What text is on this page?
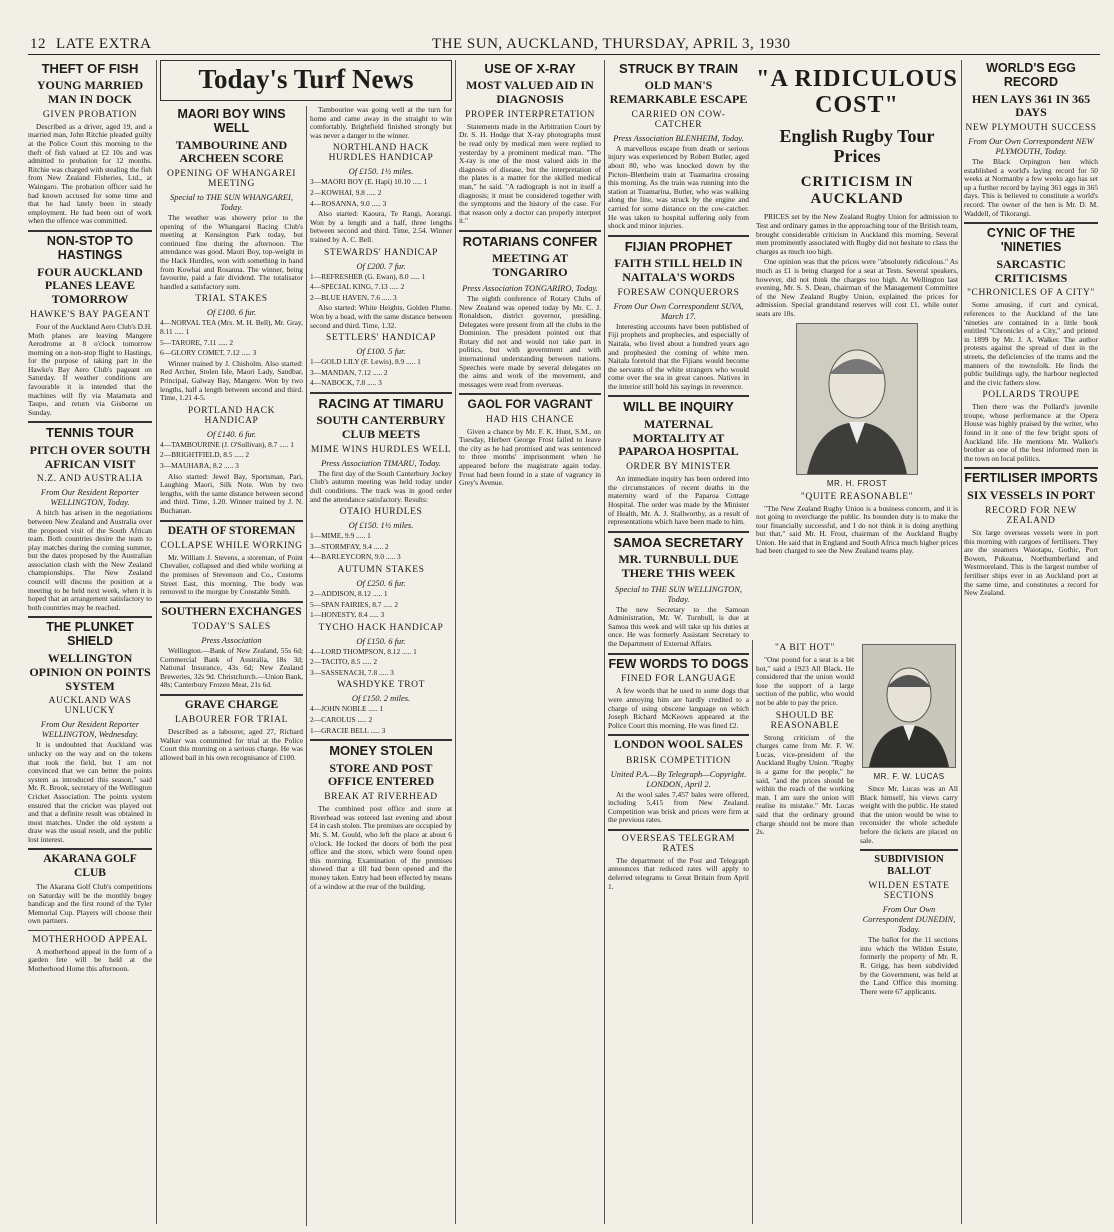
12 LATE EXTRA	THE SUN, AUCKLAND, THURSDAY, APRIL 3, 1930
THEFT OF FISH
YOUNG MARRIED MAN IN DOCK
GIVEN PROBATION

Described as a driver, aged 19, and a married man, John Ritchie pleaded guilty at the Police Court this morning to the theft of fish valued at £2 10s and was admitted to probation for 12 months. Ritchie was charged with stealing the fish from New Zealand Fisheries, Ltd., at Waingaro. The probation officer said he had known accused for some time and that he had lately been in steady employment. He had been out of work when the offence was committed.

NON-STOP TO HASTINGS
FOUR AUCKLAND PLANES LEAVE TOMORROW
HAWKE'S BAY PAGEANT

Four of the Auckland Aero Club's D.H. Moth planes are leaving Mangere Aerodrome at 8 o'clock tomorrow morning on a non-stop flight to Hastings, for the purpose of taking part in the Hawke's Bay Aero Club's pageant on Saturday. If weather conditions are favourable it is intended that the machines will fly via Matamata and Taupo, and return via Gisborne on Sunday.

TENNIS TOUR
PITCH OVER SOUTH AFRICAN VISIT
N.Z. AND AUSTRALIA
From Our Resident Reporter WELLINGTON, Today.

A hitch has arisen in the negotiations between New Zealand and Australia over the proposed visit of the South African team. Both countries desire the team to play matches during the coming summer, but the dates proposed by the Australian association clash with the New Zealand championships. The New Zealand council will discuss the position at a meeting to be held next week, when it is hoped that an arrangement satisfactory to both countries may be reached.

THE PLUNKET SHIELD
WELLINGTON OPINION ON POINTS SYSTEM
AUCKLAND WAS UNLUCKY
From Our Resident Reporter WELLINGTON, Wednesday.

It is undoubted that Auckland was unlucky on the way and on the tokens that took the field, but I am not convinced that we can better the points system as introduced this season," said Mr. R. Brook, secretary of the Wellington Cricket Association. The points system ensured that the cricket was played out and that a definite result was obtained in most matches. Under the old system a draw was the usual result, and the public lost interest.

AKARANA GOLF CLUB

The Akarana Golf Club's competitions on Saturday will be the monthly bogey handicap and the first round of the Tyler Memorial Cup. Players will choose their own partners.

MOTHERHOOD APPEAL

A motherhood appeal in the form of a garden fete will be held at the Motherhood Home this afternoon.

Today's Turf News
MAORI BOY WINS WELL
TAMBOURINE AND ARCHEEN SCORE
OPENING OF WHANGAREI MEETING
Special to THE SUN WHANGAREI, Today.

The weather was showery prior to the opening of the Whangarei Racing Club's meeting at Kensington Park today, but continued fine during the afternoon. The attendance was good. Maori Boy, top-weight in the Hack Hurdles, won with something in hand from Kowhai and Rosanna. The winner, being favourite, paid a fair dividend. The totalisator handled a satisfactory sum.

TRIAL STAKES
Of £100. 6 fur.

4—NORVAL TEA (Mrs. M. H. Bell), Mr. Gray, 8.11 ..... 1

5—TARORE, 7.11 ..... 2

6—GLORY COMET, 7.12 ..... 3

Winner trained by J. Chisholm. Also started: Red Archer, Stolen Isle, Maori Lady, Sandbar, Principal, Galway Bay, Mangere. Won by two lengths, half a length between second and third. Time, 1.21 4-5.

PORTLAND HACK HANDICAP
Of £140. 6 fur.

4—TAMBOURINE (J. O'Sullivan), 8.7 ..... 1

2—BRIGHTFIELD, 8.5 ..... 2

3—MAUHARA, 8.2 ..... 3

Also started: Jewel Bay, Sportsman, Pari, Laughing Maori, Silk Note. Won by two lengths, with the same distance between second and third. Time, 1.20. Winner trained by J. N. Buchanan.

DEATH OF STOREMAN
COLLAPSE WHILE WORKING

Mr. William J. Stevens, a storeman, of Point Chevalier, collapsed and died while working at the premises of Stevenson and Co., Customs Street East, this morning. The body was removed to the morgue by Constable Smith.

SOUTHERN EXCHANGES
TODAY'S SALES
Press Association

Wellington.—Bank of New Zealand, 55s 6d; Commercial Bank of Australia, 18s 3d; National Insurance, 43s 6d; New Zealand Breweries, 32s 9d. Christchurch.—Union Bank, 48s; Canterbury Frozen Meat, 21s 6d.

GRAVE CHARGE
LABOURER FOR TRIAL

Described as a labourer, aged 27, Richard Walker was committed for trial at the Police Court this morning on a serious charge. He was allowed bail in his own recognisance of £100.

Tambourine was going well at the turn for home and came away in the straight to win comfortably. Brightfield finished strongly but was never a danger to the winner.

NORTHLAND HACK HURDLES HANDICAP
Of £150. 1½ miles.

3—MAORI BOY (E. Hapi) 10.10 ..... 1

2—KOWHAI, 9.8 ..... 2

4—ROSANNA, 9.0 ..... 3

Also started: Kaoura, Te Rangi, Aorangi. Won by a length and a half, three lengths between second and third. Time, 2.54. Winner trained by A. C. Bell.

STEWARDS' HANDICAP
Of £200. 7 fur.

1—REFRESHER (G. Ewan), 8.0 ..... 1

4—SPECIAL KING, 7.13 ..... 2

2—BLUE HAVEN, 7.6 ..... 3

Also started: White Heights, Golden Plume. Won by a head, with the same distance between second and third. Time, 1.32.

SETTLERS' HANDICAP
Of £100. 5 fur.

1—GOLD LILY (F. Lewis), 8.9 ..... 1

3—MANDAN, 7.12 ..... 2

4—NABOCK, 7.8 ..... 3

RACING AT TIMARU
SOUTH CANTERBURY CLUB MEETS
MIME WINS HURDLES WELL
Press Association TIMARU, Today.

The first day of the South Canterbury Jockey Club's autumn meeting was held today under dull conditions. The track was in good order and the attendance satisfactory. Results:

OTAIO HURDLES
Of £150. 1½ miles.

1—MIME, 9.9 ..... 1

3—STORMFAY, 9.4 ..... 2

4—BARLEYCORN, 9.0 ..... 3

AUTUMN STAKES
Of £250. 6 fur.

2—ADDISON, 8.12 ..... 1

5—SPAN FAIRIES, 8.7 ..... 2

1—HONESTY, 8.4 ..... 3

TYCHO HACK HANDICAP
Of £150. 6 fur.

4—LORD THOMPSON, 8.12 ..... 1

2—TACITO, 8.5 ..... 2

3—SASSENACH, 7.8 ..... 3

WASHDYKE TROT
Of £150. 2 miles.

4—JOHN NOBLE ..... 1

2—CAROLUS ..... 2

1—GRACIE BELL ..... 3

MONEY STOLEN
STORE AND POST OFFICE ENTERED
BREAK AT RIVERHEAD

The combined post office and store at Riverhead was entered last evening and about £4 in cash stolen. The premises are occupied by Mr. S. M. Gould, who left the place at about 6 o'clock. He locked the doors of both the post office and the store, which were found open this morning. Examination of the premises showed that a till had been opened and the money taken. Entry had been effected by means of a window at the rear of the building.

USE OF X-RAY
MOST VALUED AID IN DIAGNOSIS
PROPER INTERPRETATION

Statements made in the Arbitration Court by Dr. S. H. Hodge that X-ray photographs must be read only by medical men were replied to yesterday by a prominent medical man. "The X-ray is one of the most valued aids in the diagnosis of disease, but the interpretation of the plates is a matter for the skilled medical man," he said. "A radiograph is not in itself a diagnosis; it must be considered together with the symptoms and the history of the case. For that reason only a doctor can properly interpret it."

ROTARIANS CONFER
MEETING AT TONGARIRO
Press Association TONGARIRO, Today.

The eighth conference of Rotary Clubs of New Zealand was opened today by Mr. C. J. Ronaldson, district governor, presiding. Delegates were present from all the clubs in the Dominion. The president pointed out that Rotary did not and would not take part in politics, but with government and with international understanding between nations. Speeches were made by several delegates on the aims and work of the movement, and messages were read from overseas.

GAOL FOR VAGRANT
HAD HIS CHANCE

Given a chance by Mr. F. K. Hunt, S.M., on Tuesday, Herbert George Frost failed to leave the city as he had promised and was sentenced to three months' imprisonment when he appeared before the magistrate again today. Frost had been found in a state of vagrancy in Grey's Avenue.

STRUCK BY TRAIN
OLD MAN'S REMARKABLE ESCAPE
CARRIED ON COW-CATCHER
Press Association BLENHEIM, Today.

A marvellous escape from death or serious injury was experienced by Robert Butler, aged about 80, who was knocked down by the Picton–Blenheim train at Tuamarina crossing this morning. As the train was running into the station at Tuamarina, Butler, who was walking along the line, was struck by the engine and carried for some distance on the cow-catcher. He was taken to hospital suffering only from shock and minor injuries.

FIJIAN PROPHET
FAITH STILL HELD IN NAITALA'S WORDS
FORESAW CONQUERORS
From Our Own Correspondent SUVA, March 17.

Interesting accounts have been published of Fiji prophets and prophecies, and especially of Naitala, who lived about a hundred years ago and prophesied the coming of white men. Naitala foretold that the Fijians would become the servants of the white strangers who would come over the sea in great canoes. Natives in the interior still hold his sayings in reverence.

WILL BE INQUIRY
MATERNAL MORTALITY AT PAPAROA HOSPITAL
ORDER BY MINISTER

An immediate inquiry has been ordered into the circumstances of recent deaths in the maternity ward of the Paparoa Cottage Hospital. The order was made by the Minister of Health, Mr. A. J. Stallworthy, as a result of representations which have been made to him.

SAMOA SECRETARY
MR. TURNBULL DUE THERE THIS WEEK
Special to THE SUN WELLINGTON, Today.

The new Secretary to the Samoan Administration, Mr. W. Turnbull, is due at Samoa this week and will take up his duties at once. He was formerly Assistant Secretary to the Department of External Affairs.

FEW WORDS TO DOGS
FINED FOR LANGUAGE

A few words that he used to some dogs that were annoying him are hardly credited to a charge of using obscene language on which Joseph Richard McKeown appeared at the Police Court this morning. He was fined £2.

LONDON WOOL SALES
BRISK COMPETITION
United P.A.—By Telegraph—Copyright. LONDON, April 2.

At the wool sales 7,457 bales were offered, including 5,415 from New Zealand. Competition was brisk and prices were firm at the previous rates.

OVERSEAS TELEGRAM RATES

The department of the Post and Telegraph announces that reduced rates will apply to deferred telegrams to Great Britain from April 1.

"A RIDICULOUS COST"
English Rugby Tour Prices
CRITICISM IN AUCKLAND

PRICES set by the New Zealand Rugby Union for admission to Test and ordinary games in the approaching tour of the British team, brought considerable criticism in Auckland this morning. Several men prominently associated with Rugby did not hesitate to class the charges as much too high.

One opinion was that the prices were "absolutely ridiculous." As much as £1 is being charged for a seat at Tests. Several speakers, however, did not think the charges too high. At Wellington last evening, Mr. S. S. Dean, chairman of the Management Committee of the New Zealand Rugby Union, explained the prices for admission. Special grandstand reserves will cost £1, while outer seats are 10s.

MR. H. FROST
"QUITE REASONABLE"

"The New Zealand Rugby Union is a business concern, and it is not going to overcharge the public. Its bounden duty is to make the tour financially successful, and I do not think it is doing anything but that," said Mr. H. Frost, chairman of the Auckland Rugby Union. He said that in England and South Africa much higher prices had been charged to see the New Zealand teams play.

WORLD'S EGG RECORD
HEN LAYS 361 IN 365 DAYS
NEW PLYMOUTH SUCCESS
From Our Own Correspondent NEW PLYMOUTH, Today.

The Black Orpington hen which established a world's laying record for 50 weeks at Normanby a few weeks ago has set up a further record by laying 361 eggs in 365 days. This is believed to constitute a world's record. The owner of the hen is Mr. D. M. Waddell, of Tikorangi.

CYNIC OF THE 'NINETIES
SARCASTIC CRITICISMS
"CHRONICLES OF A CITY"

Some amusing, if curt and cynical, references to the Auckland of the late 'nineties are contained in a little book entitled "Chronicles of a City," and printed in 1899 by Mr. J. A. Walker. The author protests against the spread of dust in the streets, the deficiencies of the trams and the manners of the townsfolk. He finds the public buildings ugly, the harbour neglected and the civic fathers slow.

POLLARDS TROUPE

Then there was the Pollard's juvenile troupe, whose performance at the Opera House was highly praised by the writer, who found in it one of the few bright spots of Auckland life. He mentions Mr. Walker's brother as one of the best informed men in the town on local politics.

FERTILISER IMPORTS
SIX VESSELS IN PORT
RECORD FOR NEW ZEALAND

Six large overseas vessels were in port this morning with cargoes of fertilisers. They are the steamers Waiotapu, Gothic, Port Bowen, Pukeatua, Northumberland and Westmoreland. This is the largest number of fertiliser ships ever in an Auckland port at the same time, and constitutes a record for New Zealand.

"A BIT HOT"

"One pound for a seat is a bit hot," said a 1923 All Black. He considered that the union would lose the support of a large section of the public, who would not be able to pay the price.

SHOULD BE REASONABLE

Strong criticism of the charges came from Mr. F. W. Lucas, vice-president of the Auckland Rugby Union. "Rugby is a game for the people," he said, "and the prices should be within the reach of the working man. I am sure the union will realise its mistake." Mr. Lucas said that the ordinary ground charge should not be more than 2s.

MR. F. W. LUCAS

Since Mr. Lucas was an All Black himself, his views carry weight with the public. He stated that the union would be wise to reconsider the whole schedule before the tickets are placed on sale.

SUBDIVISION BALLOT
WILDEN ESTATE SECTIONS
From Our Own Correspondent DUNEDIN, Today.

The ballot for the 11 sections into which the Wilden Estate, formerly the property of Mr. R. R. Grigg, has been subdivided by the Government, was held at the Land Office this morning. There were 67 applicants.
